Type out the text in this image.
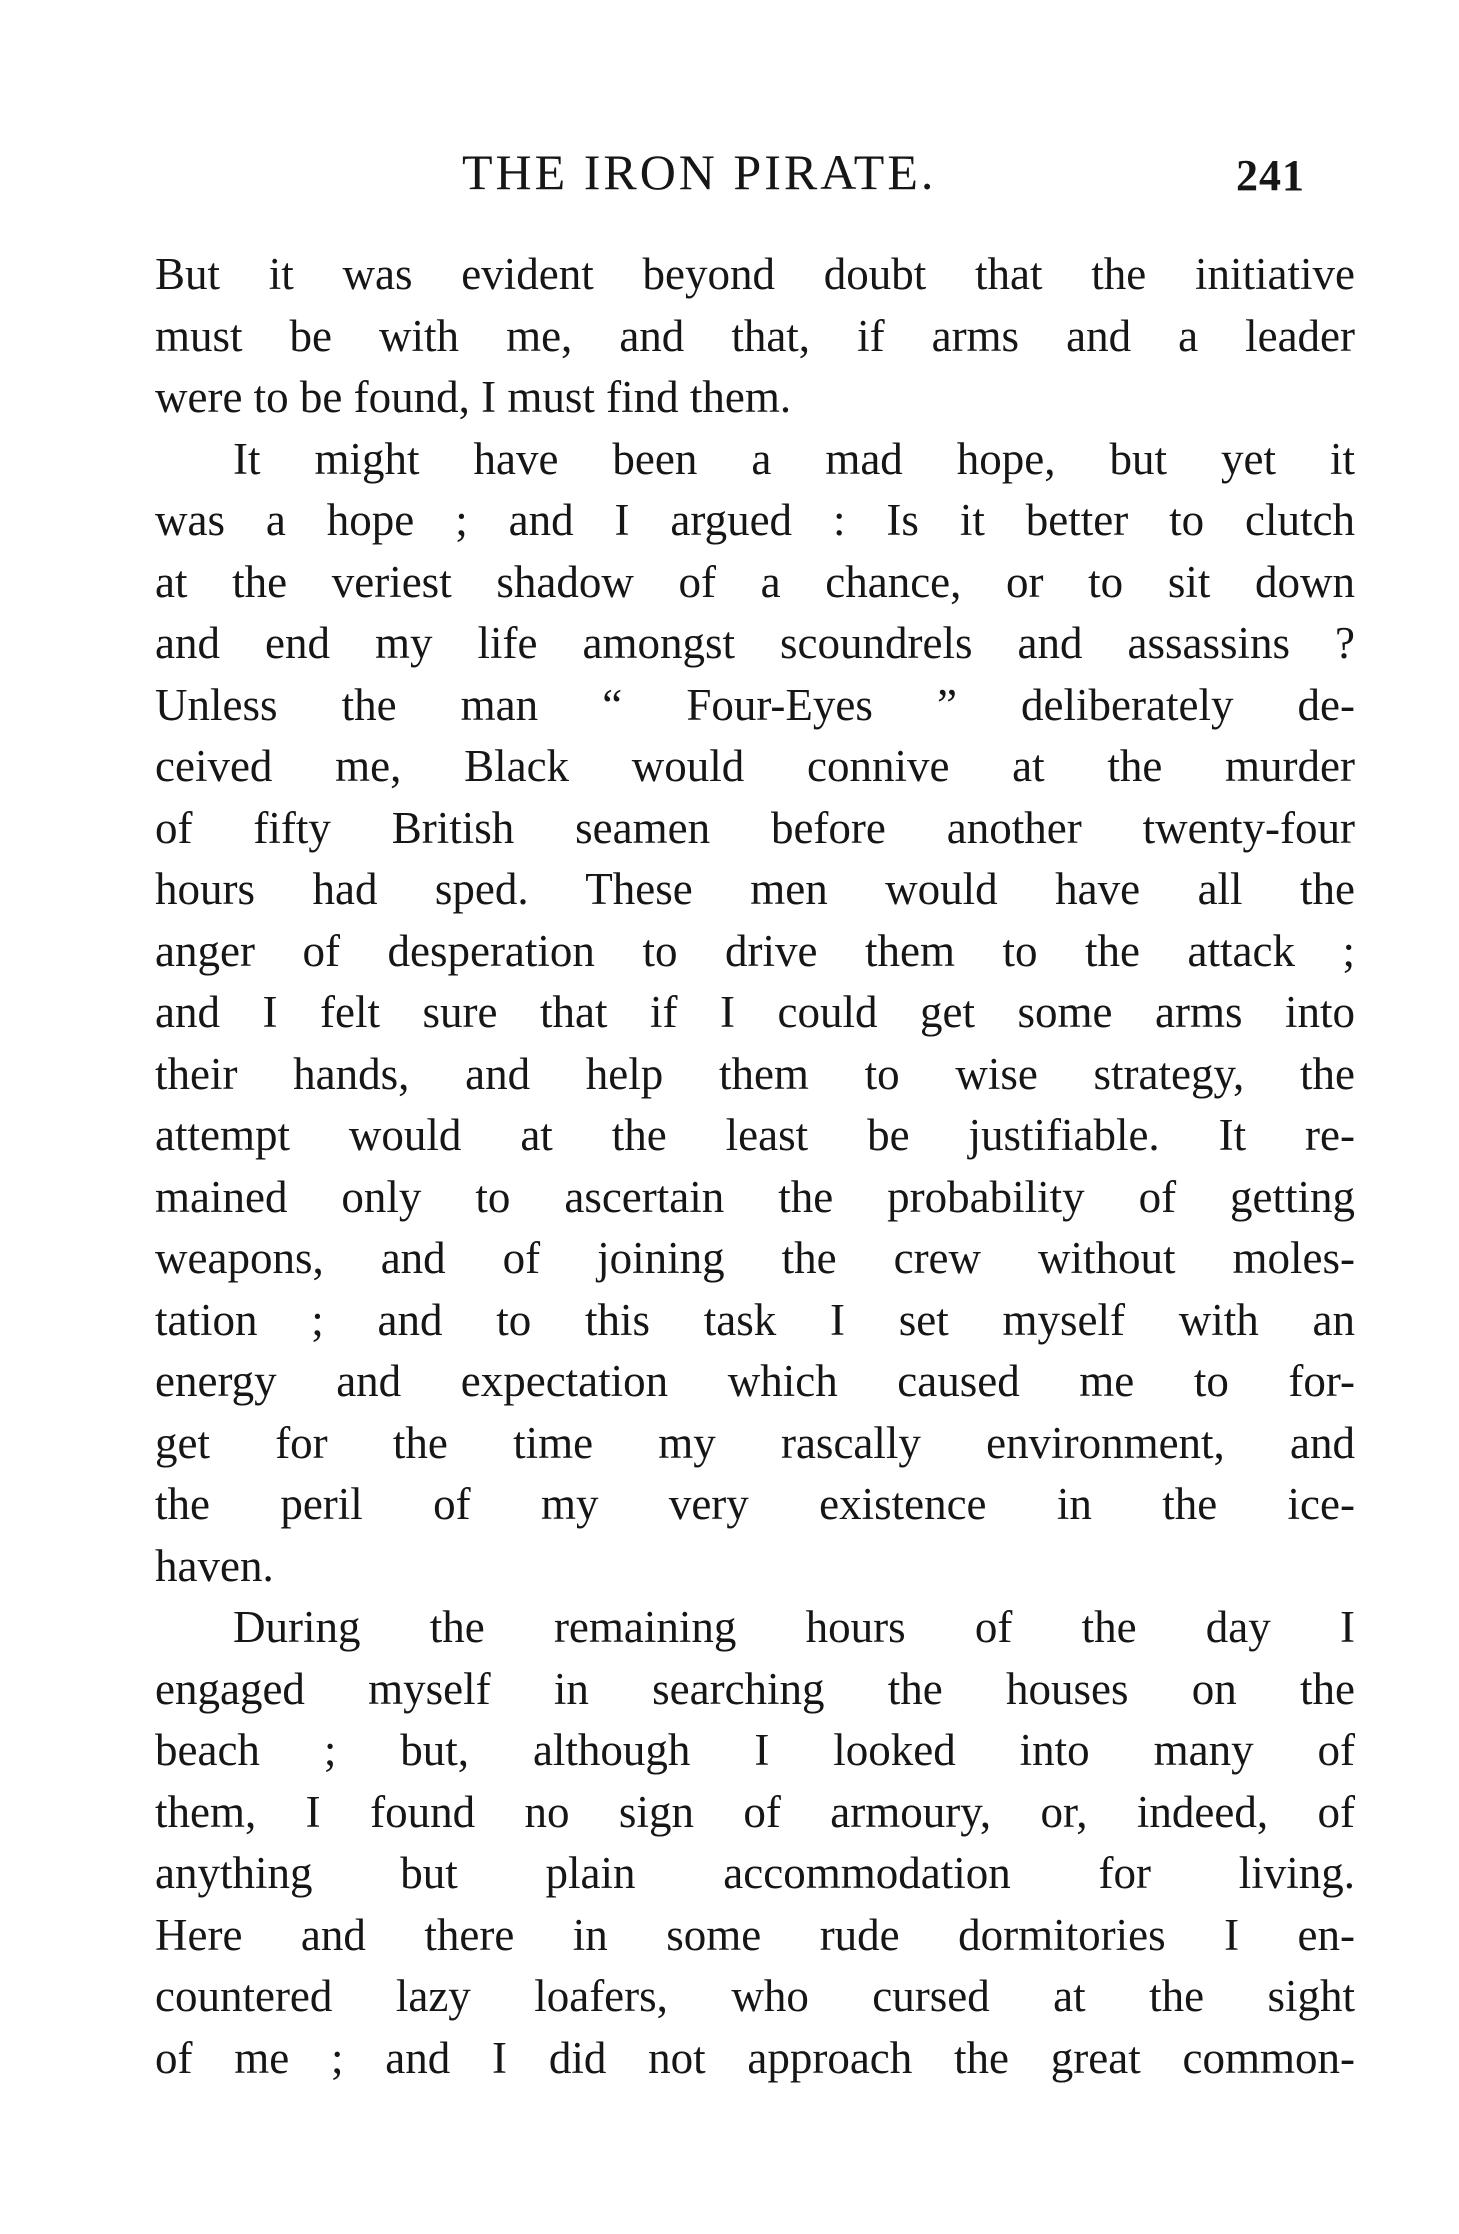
THE IRON PIRATE.	241
But it was evident beyond doubt that the initiative
must be with me, and that, if arms and a leader
were to be found, I must find them.
It might have been a mad hope, but yet it
was a hope ; and I argued : Is it better to clutch
at the veriest shadow of a chance, or to sit down
and end my life amongst scoundrels and assassins ?
Unless the man “ Four-Eyes ” deliberately de-
ceived me, Black would connive at the murder
of fifty British seamen before another twenty-four
hours had sped. These men would have all the
anger of desperation to drive them to the attack ;
and I felt sure that if I could get some arms into
their hands, and help them to wise strategy, the
attempt would at the least be justifiable. It re-
mained only to ascertain the probability of getting
weapons, and of joining the crew without moles-
tation ; and to this task I set myself with an
energy and expectation which caused me to for-
get for the time my rascally environment, and
the peril of my very existence in the ice-
haven.
During the remaining hours of the day I
engaged myself in searching the houses on the
beach ; but, although I looked into many of
them, I found no sign of armoury, or, indeed, of
anything but plain accommodation for living.
Here and there in some rude dormitories I en-
countered lazy loafers, who cursed at the sight
of me ; and I did not approach the great common-
